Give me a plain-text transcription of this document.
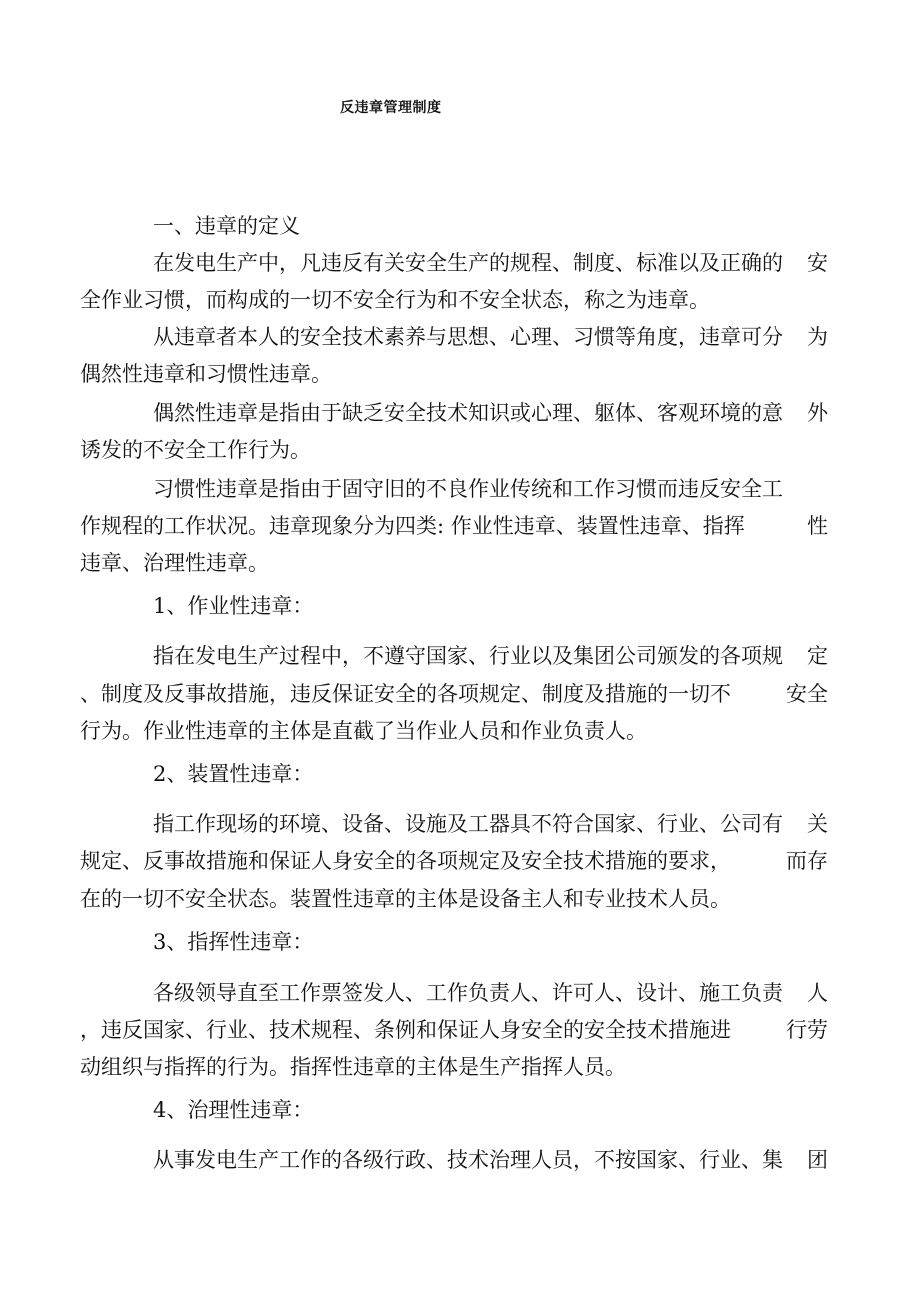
反违章管理制度
一、违章的定义
在发电生产中，凡违反有关安全生产的规程、制度、标准以及正确的 安
全作业习惯，而构成的一切不安全行为和不安全状态，称之为违章。
从违章者本人的安全技术素养与思想、心理、习惯等角度，违章可分 为
偶然性违章和习惯性违章。
偶然性违章是指由于缺乏安全技术知识或心理、躯体、客观环境的意 外
诱发的不安全工作行为。
习惯性违章是指由于固守旧的不良作业传统和工作习惯而违反安全工
作规程的工作状况。违章现象分为四类: 作业性违章、装置性违章、指挥	性
违章、治理性违章。
1、作业性违章：
指在发电生产过程中，不遵守国家、行业以及集团公司颁发的各项规 定
、制度及反事故措施，违反保证安全的各项规定、制度及措施的一切不	安全
行为。作业性违章的主体是直截了当作业人员和作业负责人。
2、装置性违章：
指工作现场的环境、设备、设施及工器具不符合国家、行业、公司有 关
规定、反事故措施和保证人身安全的各项规定及安全技术措施的要求，	而存
在的一切不安全状态。装置性违章的主体是设备主人和专业技术人员。
3、指挥性违章：
各级领导直至工作票签发人、工作负责人、许可人、设计、施工负责 人
，违反国家、行业、技术规程、条例和保证人身安全的安全技术措施进	行劳
动组织与指挥的行为。指挥性违章的主体是生产指挥人员。
4、治理性违章：
从事发电生产工作的各级行政、技术治理人员，不按国家、行业、集 团
